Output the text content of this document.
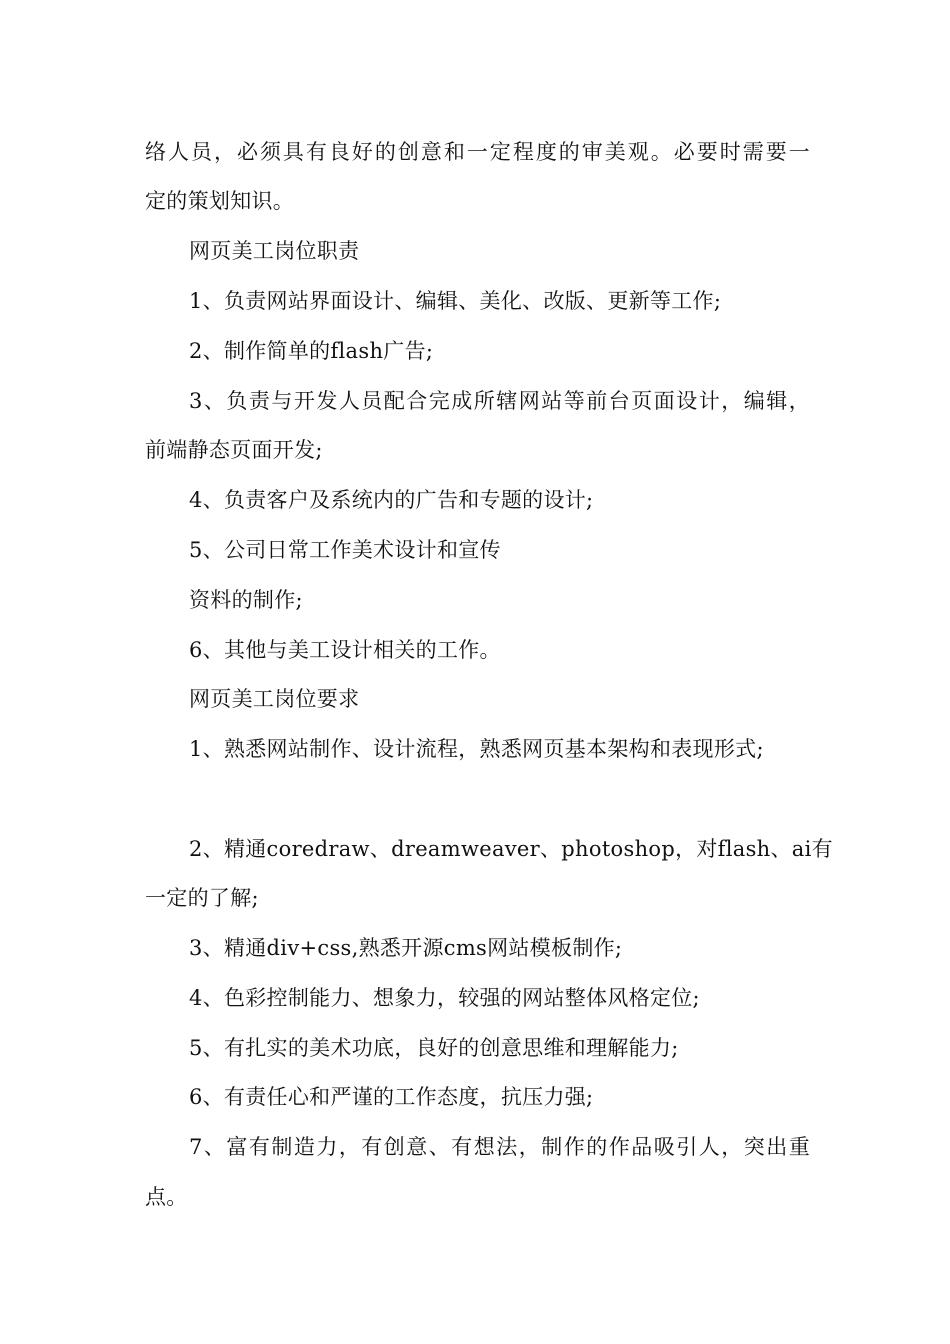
络人员，必须具有良好的创意和一定程度的审美观。必要时需要一
定的策划知识。
网页美工岗位职责
1、负责网站界面设计、编辑、美化、改版、更新等工作;
2、制作简单的flash广告;
3、负责与开发人员配合完成所辖网站等前台页面设计，编辑，
前端静态页面开发;
4、负责客户及系统内的广告和专题的设计;
5、公司日常工作美术设计和宣传
资料的制作;
6、其他与美工设计相关的工作。
网页美工岗位要求
1、熟悉网站制作、设计流程，熟悉网页基本架构和表现形式;
2、精通coredraw、dreamweaver、photoshop，对flash、ai有
一定的了解;
3、精通div+css,熟悉开源cms网站模板制作;
4、色彩控制能力、想象力，较强的网站整体风格定位;
5、有扎实的美术功底，良好的创意思维和理解能力;
6、有责任心和严谨的工作态度，抗压力强;
7、富有制造力，有创意、有想法，制作的作品吸引人，突出重
点。
